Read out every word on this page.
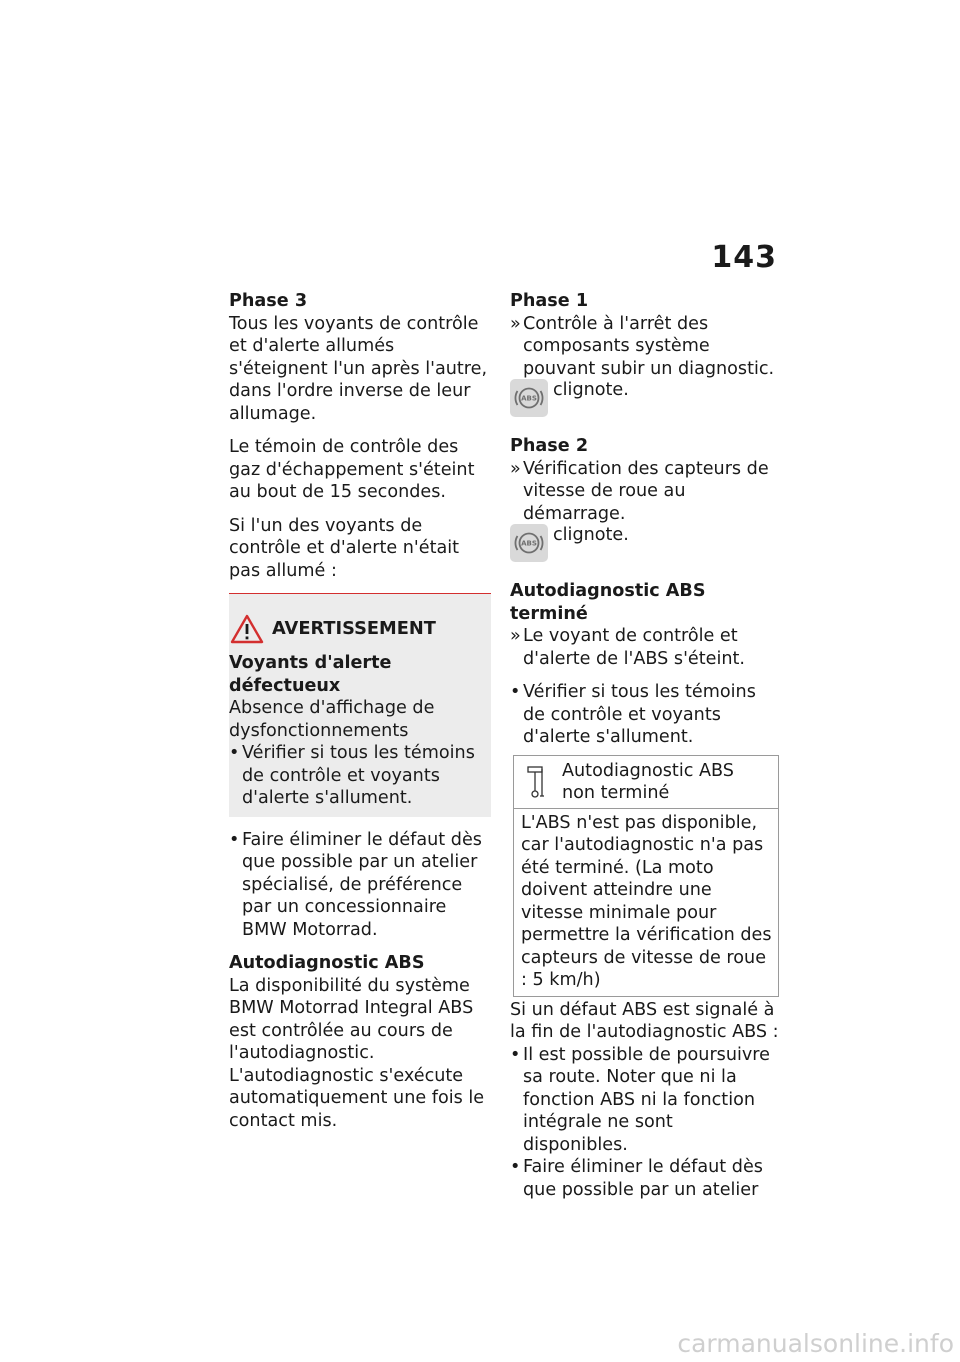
143

Phase 3
Tous les voyants de contrôle et d'alerte allumés s'éteignent l'un après l'autre, dans l'ordre inverse de leur allumage.

Le témoin de contrôle des gaz d'échappement s'éteint au bout de 15 secondes.

Si l'un des voyants de contrôle et d'alerte n'était pas allumé :

AVERTISSEMENT
Voyants d'alerte défectueux
Absence d'affichage de dysfonctionnements
• Vérifier si tous les témoins de contrôle et voyants d'alerte s'allument.

• Faire éliminer le défaut dès que possible par un atelier spécialisé, de préférence par un concessionnaire BMW Motorrad.

Autodiagnostic ABS
La disponibilité du système BMW Motorrad Integral ABS est contrôlée au cours de l'autodiagnostic. L'autodiagnostic s'exécute automatiquement une fois le contact mis.

Phase 1
» Contrôle à l'arrêt des composants système pouvant subir un diagnostic.
ABS clignote.
Phase 2
» Vérification des capteurs de vitesse de roue au démarrage.
ABS clignote.
Autodiagnostic ABS terminé

» Le voyant de contrôle et d'alerte de l'ABS s'éteint.

• Vérifier si tous les témoins de contrôle et voyants d'alerte s'allument.
Autodiagnostic ABS non terminé
L'ABS n'est pas disponible, car l'autodiagnostic n'a pas été terminé. (La moto doivent atteindre une vitesse minimale pour permettre la vérification des capteurs de vitesse de roue : 5 km/h)
Si un défaut ABS est signalé à la fin de l'autodiagnostic ABS :
• Il est possible de poursuivre sa route. Noter que ni la fonction ABS ni la fonction intégrale ne sont disponibles.
• Faire éliminer le défaut dès que possible par un atelier
carmanualsonline.info
